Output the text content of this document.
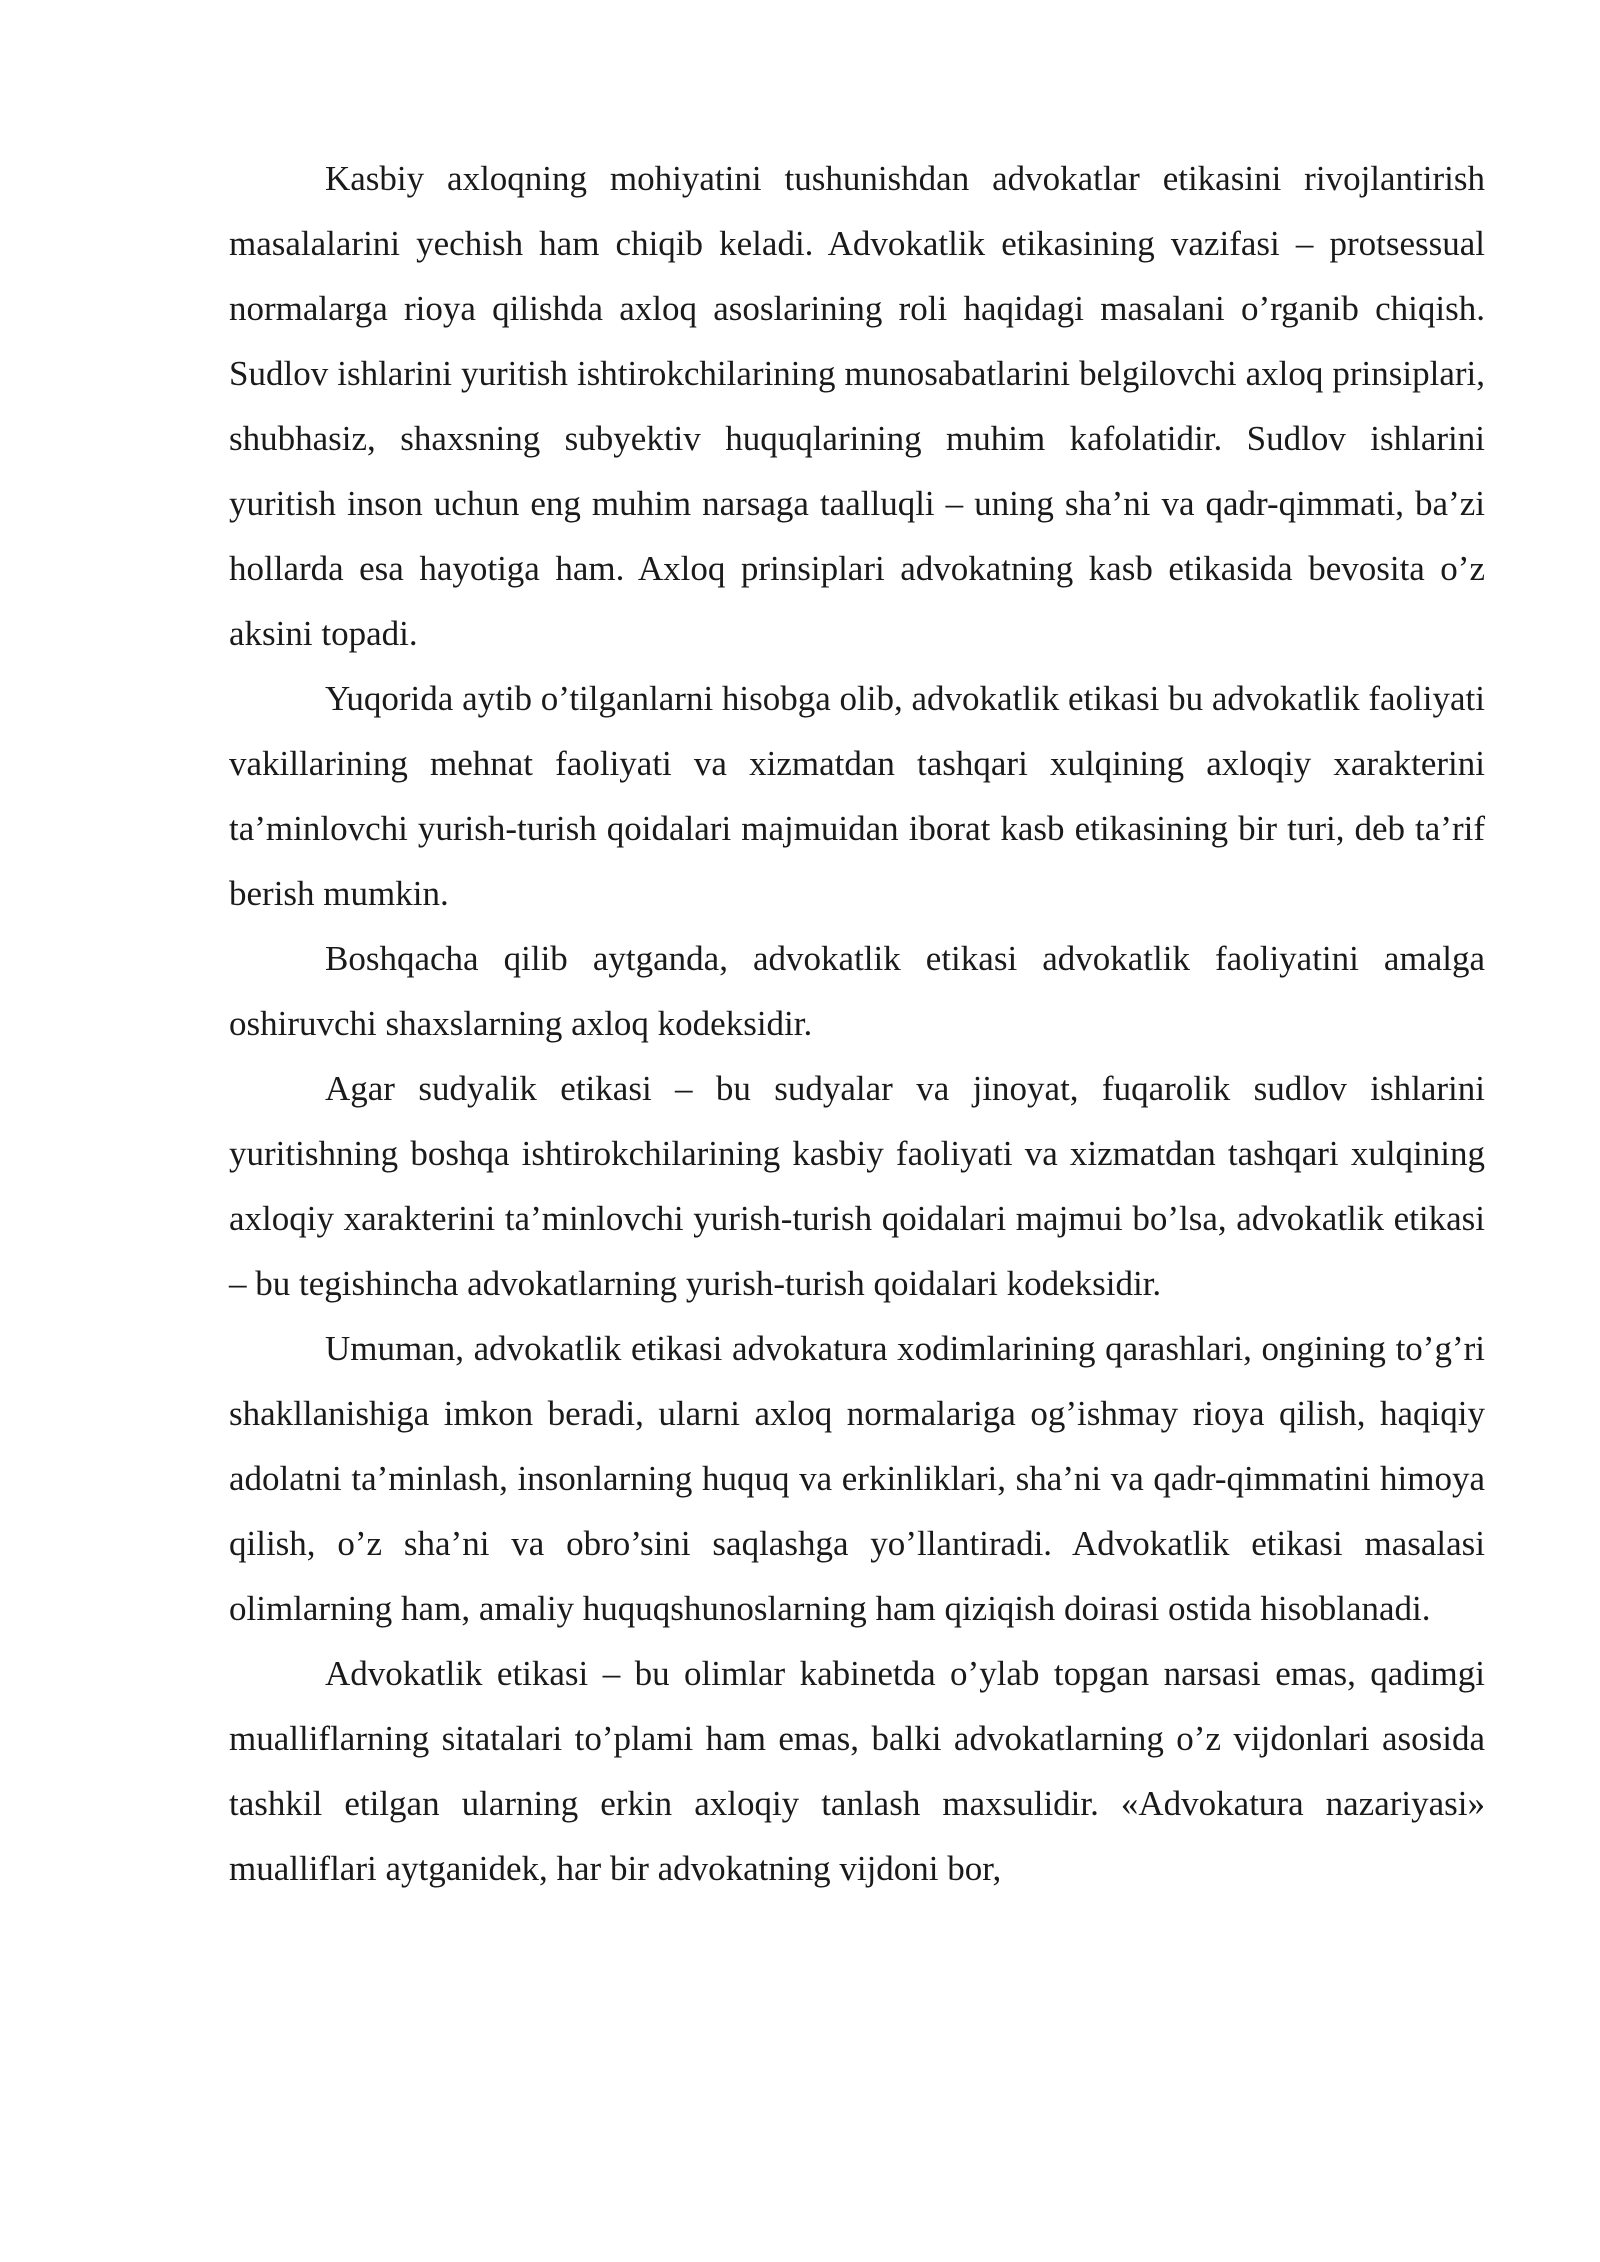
Kasbiy axloqning mohiyatini tushunishdan advokatlar etikasini rivojlantirish masalalarini yechish ham chiqib keladi. Advokatlik etikasining vazifasi – protsessual normalarga rioya qilishda axloq asoslarining roli haqidagi masalani o’rganib chiqish. Sudlov ishlarini yuritish ishtirokchilarining munosabatlarini belgilovchi axloq prinsiplari, shubhasiz, shaxsning subyektiv huquqlarining muhim kafolatidir. Sudlov ishlarini yuritish inson uchun eng muhim narsaga taalluqli – uning sha’ni va qadr-qimmati, ba’zi hollarda esa hayotiga ham. Axloq prinsiplari advokatning kasb etikasida bevosita o’z aksini topadi.

Yuqorida aytib o’tilganlarni hisobga olib, advokatlik etikasi bu advokatlik faoliyati vakillarining mehnat faoliyati va xizmatdan tashqari xulqining axloqiy xarakterini ta’minlovchi yurish-turish qoidalari majmuidan iborat kasb etikasining bir turi, deb ta’rif berish mumkin.

Boshqacha qilib aytganda, advokatlik etikasi advokatlik faoliyatini amalga oshiruvchi shaxslarning axloq kodeksidir.

Agar sudyalik etikasi – bu sudyalar va jinoyat, fuqarolik sudlov ishlarini yuritishning boshqa ishtirokchilarining kasbiy faoliyati va xizmatdan tashqari xulqining axloqiy xarakterini ta’minlovchi yurish-turish qoidalari majmui bo’lsa, advokatlik etikasi – bu tegishincha advokatlarning yurish-turish qoidalari kodeksidir.

Umuman, advokatlik etikasi advokatura xodimlarining qarashlari, ongining to’g’ri shakllanishiga imkon beradi, ularni axloq normalariga og’ishmay rioya qilish, haqiqiy adolatni ta’minlash, insonlarning huquq va erkinliklari, sha’ni va qadr-qimmatini himoya qilish, o’z sha’ni va obro’sini saqlashga yo’llantiradi. Advokatlik etikasi masalasi olimlarning ham, amaliy huquqshunoslarning ham qiziqish doirasi ostida hisoblanadi.

Advokatlik etikasi – bu olimlar kabinetda o’ylab topgan narsasi emas, qadimgi mualliflarning sitatalari to’plami ham emas, balki advokatlarning o’z vijdonlari asosida tashkil etilgan ularning erkin axloqiy tanlash maxsulidir. «Advokatura nazariyasi» mualliflari aytganidek, har bir advokatning vijdoni bor,
